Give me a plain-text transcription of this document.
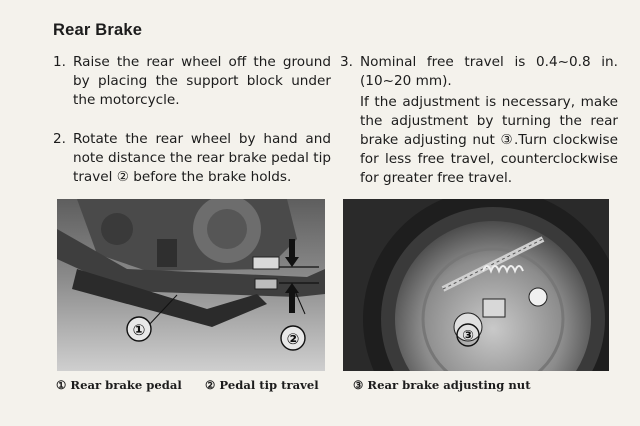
Rear Brake
1. Raise the rear wheel off the ground by placing the support block under the motorcycle.
2. Rotate the rear wheel by hand and note distance the rear brake pedal tip travel ② before the brake holds.
3. Nominal free travel is 0.4~0.8 in. (10~20 mm).
If the adjustment is necessary, make the adjustment by turning the rear brake adjusting nut ③.Turn clockwise for less free travel, counterclockwise for greater free travel.
①	②	③
① Rear brake pedal ② Pedal tip travel	③ Rear brake adjusting nut
